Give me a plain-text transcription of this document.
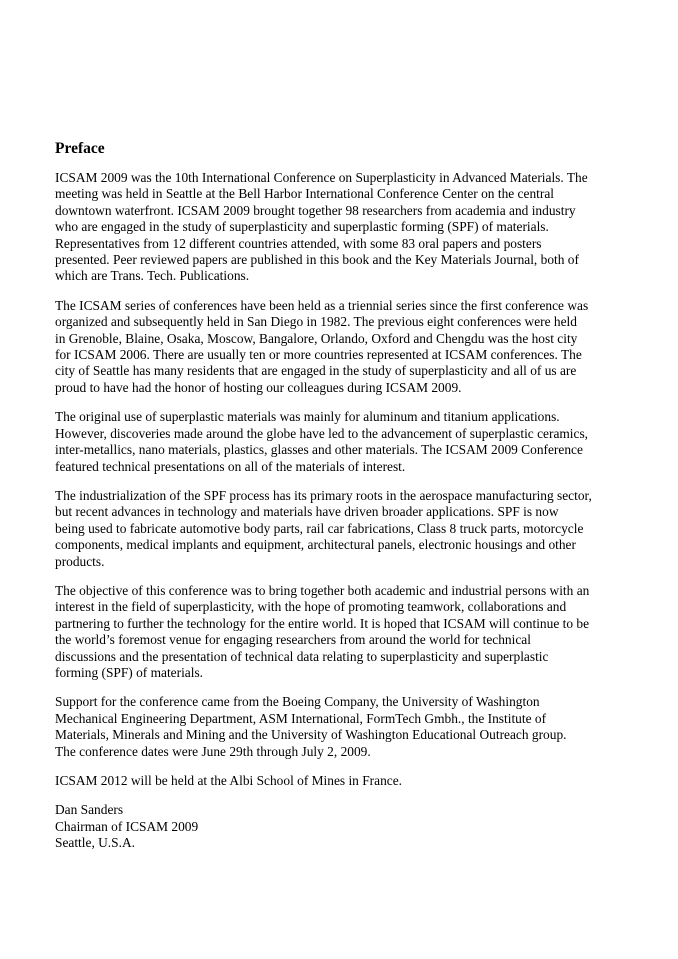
Preface
ICSAM 2009 was the 10th International Conference on Superplasticity in Advanced Materials. The
meeting was held in Seattle at the Bell Harbor International Conference Center on the central
downtown waterfront. ICSAM 2009 brought together 98 researchers from academia and industry
who are engaged in the study of superplasticity and superplastic forming (SPF) of materials.
Representatives from 12 different countries attended, with some 83 oral papers and posters
presented. Peer reviewed papers are published in this book and the Key Materials Journal, both of
which are Trans. Tech. Publications.
The ICSAM series of conferences have been held as a triennial series since the first conference was
organized and subsequently held in San Diego in 1982. The previous eight conferences were held
in Grenoble, Blaine, Osaka, Moscow, Bangalore, Orlando, Oxford and Chengdu was the host city
for ICSAM 2006. There are usually ten or more countries represented at ICSAM conferences. The
city of Seattle has many residents that are engaged in the study of superplasticity and all of us are
proud to have had the honor of hosting our colleagues during ICSAM 2009.
The original use of superplastic materials was mainly for aluminum and titanium applications.
However, discoveries made around the globe have led to the advancement of superplastic ceramics,
inter-metallics, nano materials, plastics, glasses and other materials. The ICSAM 2009 Conference
featured technical presentations on all of the materials of interest.
The industrialization of the SPF process has its primary roots in the aerospace manufacturing sector,
but recent advances in technology and materials have driven broader applications. SPF is now
being used to fabricate automotive body parts, rail car fabrications, Class 8 truck parts, motorcycle
components, medical implants and equipment, architectural panels, electronic housings and other
products.
The objective of this conference was to bring together both academic and industrial persons with an
interest in the field of superplasticity, with the hope of promoting teamwork, collaborations and
partnering to further the technology for the entire world. It is hoped that ICSAM will continue to be
the world’s foremost venue for engaging researchers from around the world for technical
discussions and the presentation of technical data relating to superplasticity and superplastic
forming (SPF) of materials.
Support for the conference came from the Boeing Company, the University of Washington
Mechanical Engineering Department, ASM International, FormTech Gmbh., the Institute of
Materials, Minerals and Mining and the University of Washington Educational Outreach group.
The conference dates were June 29th through July 2, 2009.
ICSAM 2012 will be held at the Albi School of Mines in France.
Dan Sanders
Chairman of ICSAM 2009
Seattle, U.S.A.
